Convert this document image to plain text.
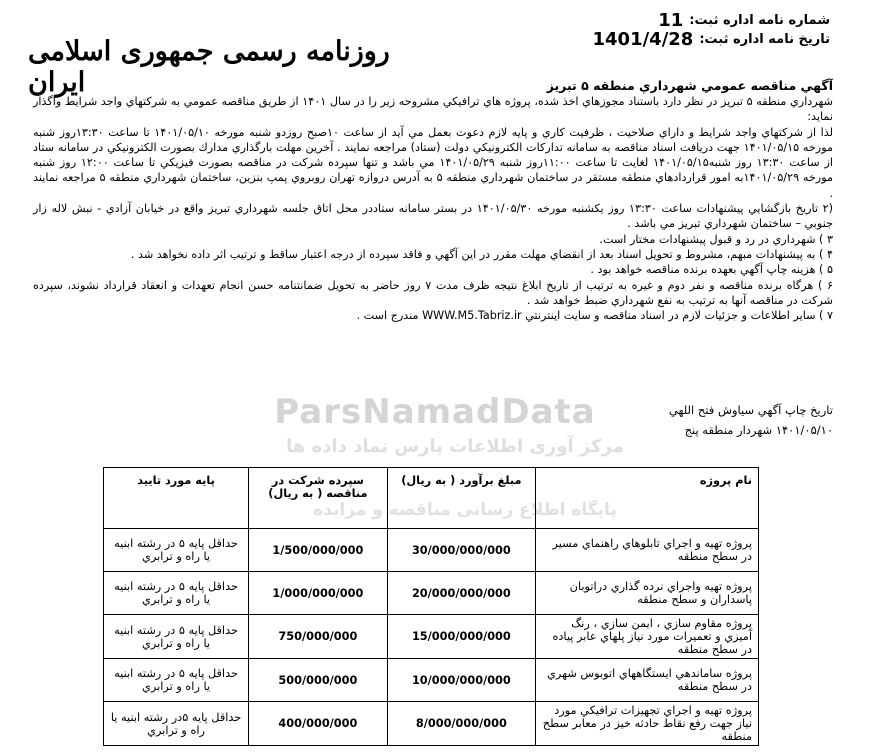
شماره نامه اداره ثبت:11
تاریخ نامه اداره ثبت:1401/4/28
روزنامه رسمی جمهوری اسلامی ایران	آگهي مناقصه عمومي شهرداري منطقه ۵ تبريز

شهرداري منطقه ۵ تبريز در نظر دارد باستناد مجوزهاي اخذ شده، پروژه هاي ترافيكي مشروحه زير را در سال ۱۴۰۱ از طريق مناقصه عمومي به شركتهاي واجد شرايط واگذار نمايد:

لذا از شركتهاي واجد شرايط و داراي صلاحيت ، ظرفيت كاري و پايه لازم دعوت بعمل مي آيد از ساعت ۱۰صبح روزدو شنبه مورخه ۱۴۰۱/۰۵/۱۰ تا ساعت ۱۳:۳۰روز شنبه مورخه ۱۴۰۱/۰۵/۱۵ جهت دريافت اسناد مناقصه به سامانه تداركات الكترونيكي دولت (ستاد) مراجعه نمايند . آخرين مهلت بارگذاري مدارك بصورت الكترونيكي در سامانه ستاد از ساعت ۱۳:۳۰ روز شنبه۱۴۰۱/۰۵/۱۵ لغايت تا ساعت ۱۱:۰۰روز شنبه ۱۴۰۱/۰۵/۲۹ مي باشد و تنها سپرده شركت در مناقصه بصورت فيزيكي تا ساعت ۱۲:۰۰ روز شنبه مورخه ۱۴۰۱/۰۵/۲۹به امور قراردادهاي منطقه مستقر در ساختمان شهرداري منطقه ۵ به آدرس دروازه تهران روبروي پمپ بنزين، ساختمان شهرداري منطقه ۵ مراجعه نمايند .

(۲ تاريخ بازگشايي پيشنهادات ساعت ۱۳:۳۰ روز يكشنبه مورخه ۱۴۰۱/۰۵/۳۰ در بستر سامانه ستاددر محل اتاق جلسه شهرداري تبريز واقع در خيابان آزادي - نبش لاله زار جنوبي – ساختمان شهرداري تبريز مي باشد .

۳ ) شهرداري در رد و قبول پيشنهادات مختار است.

۴ ) به پيشنهادات مبهم، مشروط و تحويل اسناد بعد از انقضاي مهلت مقرر در اين آگهي و فاقد سپرده از درجه اعتبار ساقط و ترتيب اثر داده نخواهد شد .

۵ ) هزينه چاپ آگهي بعهده برنده مناقصه خواهد بود .

۶ ) هرگاه برنده مناقصه و نفر دوم و غيره به ترتيب از تاريخ ابلاغ نتيجه ظرف مدت ۷ روز حاضر به تحويل ضمانتنامه حسن انجام تعهدات و انعقاد قرارداد نشوند، سپرده شركت در مناقصه آنها به ترتيب به نفع شهرداري ضبط خواهد شد .

۷ ) ساير اطلاعات و جزئيات لازم در اسناد مناقصه و سايت اينترنتي WWW.M5.Tabriz.ir مندرج است .

ParsNamadData
مرکز آوری اطلاعات پارس نماد داده ها
پایگاه اطلاع رسانی مناقصه و مزایده
تاريخ چاپ آگهي سياوش فتح اللهي
۱۴۰۱/۰۵/۱۰ شهردار منطقه پنج
نام پروژه	مبلغ برآورد ( به ريال)	سپرده شركت در مناقصه ( به ريال)	پايه مورد تاييد
پروژه تهيه و اجراي تابلوهاي راهنماي مسير در سطح منطقه	30/000/000/000	1/500/000/000	حداقل پايه ۵ در رشته ابنيه يا راه و ترابري
پروژه تهيه واجراي نرده گذاري دراتوبان پاسداران و سطح منطقه	20/000/000/000	1/000/000/000	حداقل پايه ۵ در رشته ابنيه يا راه و ترابري
پروژه مقاوم سازي ، ايمن سازي ، رنگ آميزي و تعميرات مورد نياز پلهاي عابر پياده در سطح منطقه	15/000/000/000	750/000/000	حداقل پايه ۵ در رشته ابنيه يا راه و ترابري
پروژه ساماندهي ايستگاههاي اتوبوس شهري در سطح منطقه	10/000/000/000	500/000/000	حداقل پايه ۵ در رشته ابنيه يا راه و ترابري
پروژه تهيه و اجراي تجهيزات ترافيكي مورد نياز جهت رفع نقاط حادثه خيز در معابر سطح منطقه	8/000/000/000	400/000/000	حداقل پايه ۵در رشته ابنيه يا راه و ترابري
